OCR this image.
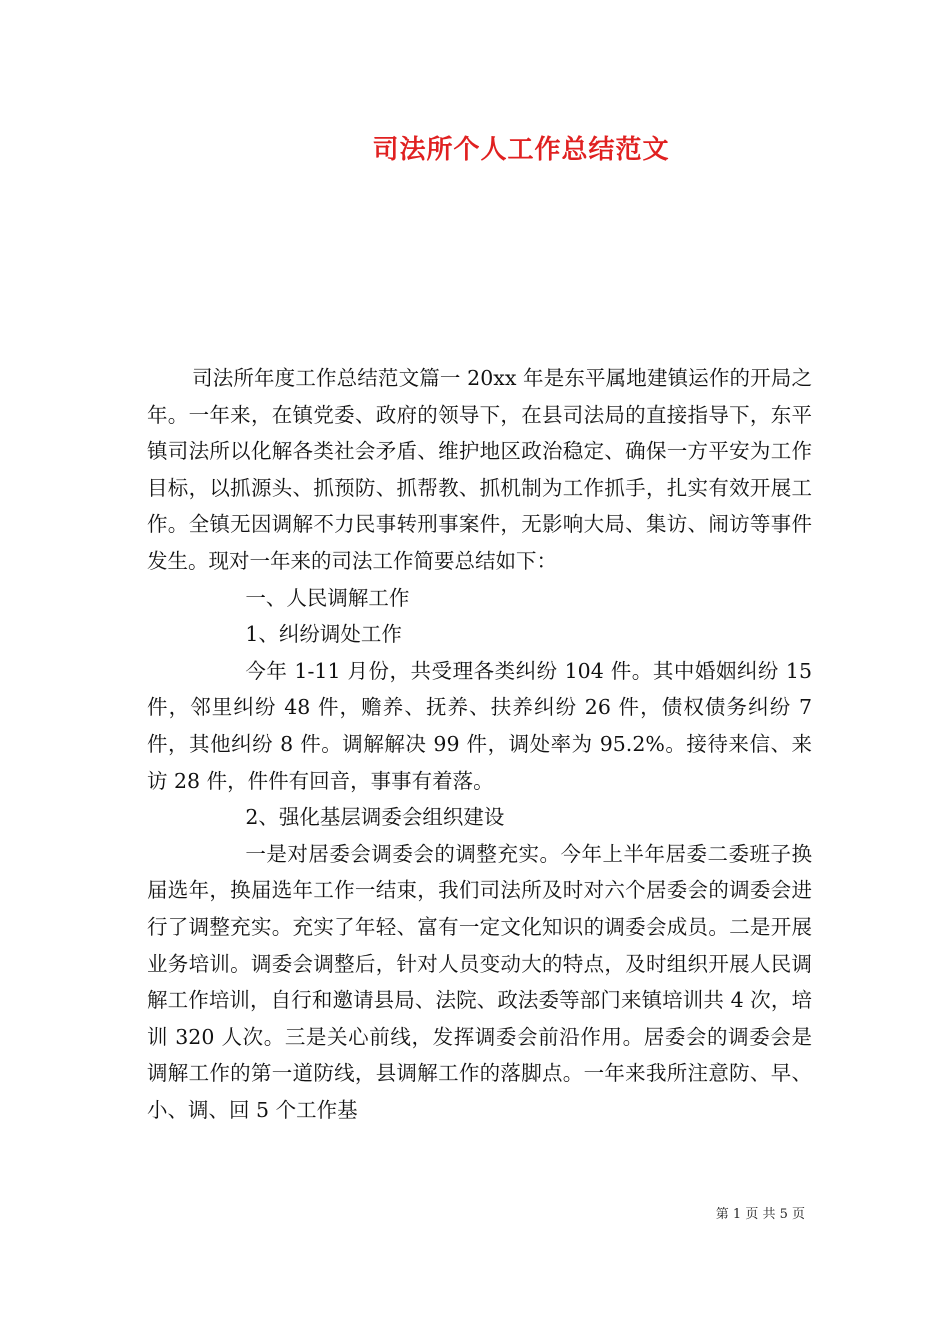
司法所个人工作总结范文

司法所年度工作总结范文篇一 20xx 年是东平属地建镇运作的开局之年。一年来，在镇党委、政府的领导下，在县司法局的直接指导下，东平镇司法所以化解各类社会矛盾、维护地区政治稳定、确保一方平安为工作目标，以抓源头、抓预防、抓帮教、抓机制为工作抓手，扎实有效开展工作。全镇无因调解不力民事转刑事案件，无影响大局、集访、闹访等事件发生。现对一年来的司法工作简要总结如下：

一、人民调解工作

1、纠纷调处工作

今年 1-11 月份，共受理各类纠纷 104 件。其中婚姻纠纷 15 件，邻里纠纷 48 件，赡养、抚养、扶养纠纷 26 件，债权债务纠纷 7 件，其他纠纷 8 件。调解解决 99 件，调处率为 95.2%。接待来信、来访 28 件，件件有回音，事事有着落。

2、强化基层调委会组织建设

一是对居委会调委会的调整充实。今年上半年居委二委班子换届选年，换届选年工作一结束，我们司法所及时对六个居委会的调委会进行了调整充实。充实了年轻、富有一定文化知识的调委会成员。二是开展业务培训。调委会调整后，针对人员变动大的特点，及时组织开展人民调解工作培训，自行和邀请县局、法院、政法委等部门来镇培训共 4 次，培训 320 人次。三是关心前线，发挥调委会前沿作用。居委会的调委会是调解工作的第一道防线，县调解工作的落脚点。一年来我所注意防、早、小、调、回 5 个工作基

第 1 页 共 5 页
